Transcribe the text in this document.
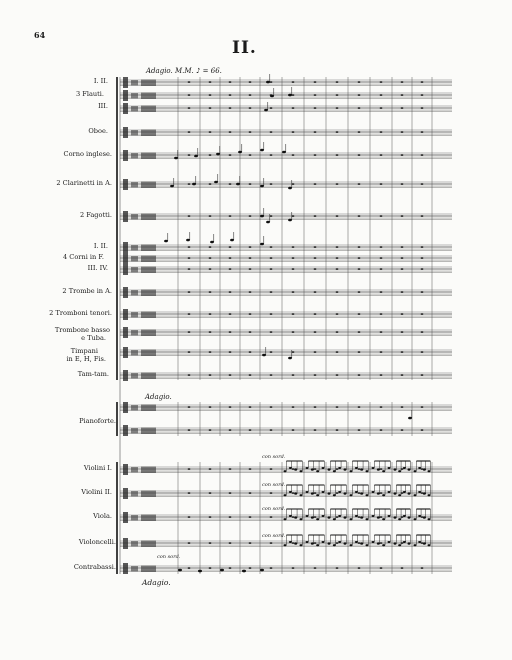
64
II.
Adagio. M.M. ♪ = 66.
Adagio.
Adagio.
con sord.
con sord.
con sord.
con sord.
con sord.
I. II.
3 Flauti.
III.
Oboe.
Corno inglese.
2 Clarinetti in A.
2 Fagotti.
I. II.
4 Corni in F.
III. IV.
2 Trombe in A.
2 Tromboni tenori.
Trombone basso
e Tuba.
Timpani
in E, H, Fis.
Tam-tam.
Pianoforte.
Violini I.
Violini II.
Viola.
Violoncelli.
Contrabassi.
